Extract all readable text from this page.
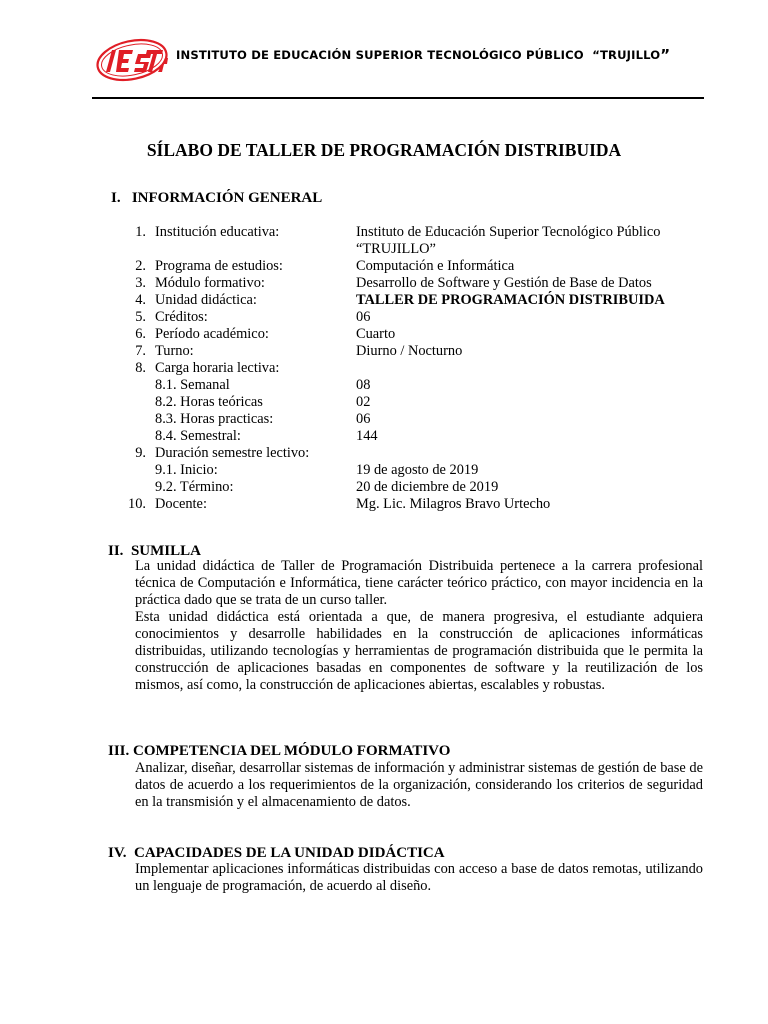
INSTITUTO DE EDUCACIÓN SUPERIOR TECNOLÓGICO PÚBLICO “TRUJILLO”
SÍLABO DE TALLER DE PROGRAMACIÓN DISTRIBUIDA
I. INFORMACIÓN GENERAL
1. Institución educativa:	Instituto de Educación Superior Tecnológico Público
“TRUJILLO”
2. Programa de estudios:	Computación e Informática
3. Módulo formativo:	Desarrollo de Software y Gestión de Base de Datos
4. Unidad didáctica:	TALLER DE PROGRAMACIÓN DISTRIBUIDA
5. Créditos:	06
6. Período académico:	Cuarto
7. Turno:	Diurno / Nocturno
8. Carga horaria lectiva:
8.1. Semanal	08
8.2. Horas teóricas	02
8.3. Horas practicas:	06
8.4. Semestral:	144
9. Duración semestre lectivo:
9.1. Inicio:	19 de agosto de 2019
9.2. Término:	20 de diciembre de 2019
10. Docente:	Mg. Lic. Milagros Bravo Urtecho
II. SUMILLA

La unidad didáctica de Taller de Programación Distribuida pertenece a la carrera profesional técnica de Computación e Informática, tiene carácter teórico práctico, con mayor incidencia en la práctica dado que se trata de un curso taller.

Esta unidad didáctica está orientada a que, de manera progresiva, el estudiante adquiera conocimientos y desarrolle habilidades en la construcción de aplicaciones informáticas distribuidas, utilizando tecnologías y herramientas de programación distribuida que le permita la construcción de aplicaciones basadas en componentes de software y la reutilización de los mismos, así como, la construcción de aplicaciones abiertas, escalables y robustas.

III. COMPETENCIA DEL MÓDULO FORMATIVO

Analizar, diseñar, desarrollar sistemas de información y administrar sistemas de gestión de base de datos de acuerdo a los requerimientos de la organización, considerando los criterios de seguridad en la transmisión y el almacenamiento de datos.

IV. CAPACIDADES DE LA UNIDAD DIDÁCTICA

Implementar aplicaciones informáticas distribuidas con acceso a base de datos remotas, utilizando un lenguaje de programación, de acuerdo al diseño.
